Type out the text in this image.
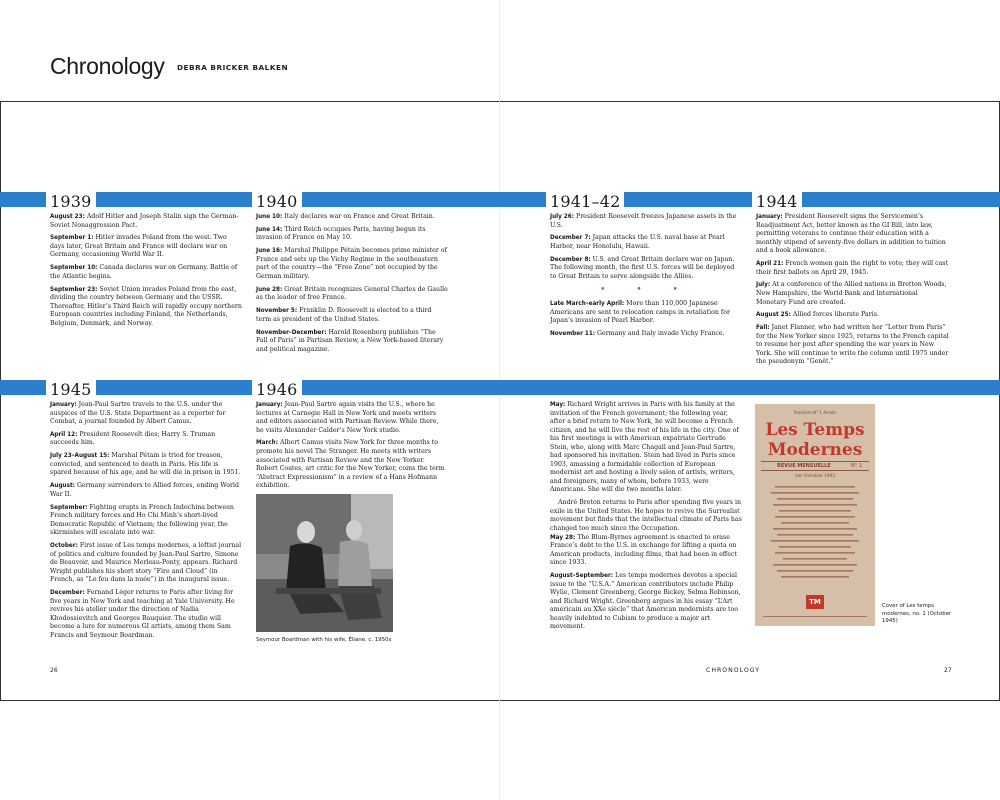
Chronology DEBRA BRICKER BALKEN
1939	1940	1941–42	1944

August 23: Adolf Hitler and Joseph Stalin sign the German-Soviet Nonaggression Pact.

September 1: Hitler invades Poland from the west. Two days later, Great Britain and France will declare war on Germany, occasioning World War II.

September 10: Canada declares war on Germany. Battle of the Atlantic begins.

September 23: Soviet Union invades Poland from the east, dividing the country between Germany and the USSR. Thereafter, Hitler’s Third Reich will rapidly occupy northern European countries including Finland, the Netherlands, Belgium, Denmark, and Norway.

June 10: Italy declares war on France and Great Britain.

June 14: Third Reich occupies Paris, having begun its invasion of France on May 10.

June 16: Marshal Philippe Pétain becomes prime minister of France and sets up the Vichy Regime in the southeastern part of the country—the “Free Zone” not occupied by the German military.

June 28: Great Britain recognizes General Charles de Gaulle as the leader of free France.

November 5: Franklin D. Roosevelt is elected to a third term as president of the United States.

November–December: Harold Rosenberg publishes “The Fall of Paris” in Partisan Review, a New York-based literary and political magazine.

July 26: President Roosevelt freezes Japanese assets in the U.S.

December 7: Japan attacks the U.S. naval base at Pearl Harbor, near Honolulu, Hawaii.

December 8: U.S. and Great Britain declare war on Japan. The following month, the first U.S. forces will be deployed to Great Britain to serve alongside the Allies.

• • •

Late March–early April: More than 110,000 Japanese Americans are sent to relocation camps in retaliation for Japan’s invasion of Pearl Harbor.

November 11: Germany and Italy invade Vichy France.

January: President Roosevelt signs the Servicemen’s Readjustment Act, better known as the GI Bill, into law, permitting veterans to continue their education with a monthly stipend of seventy-five dollars in addition to tuition and a book allowance.

April 21: French women gain the right to vote; they will cast their first ballots on April 29, 1945.

July: At a conference of the Allied nations in Bretton Woods, New Hampshire, the World Bank and International Monetary Fund are created.

August 25: Allied forces liberate Paris.

Fall: Janet Flanner, who had written her “Letter from Paris” for the New Yorker since 1925, returns to the French capital to resume her post after spending the war years in New York. She will continue to write the column until 1975 under the pseudonym “Genêt.”

1945	1946

January: Jean-Paul Sartre travels to the U.S. under the auspices of the U.S. State Department as a reporter for Combat, a journal founded by Albert Camus.

April 12: President Roosevelt dies; Harry S. Truman succeeds him.

July 23–August 15: Marshal Pétain is tried for treason, convicted, and sentenced to death in Paris. His life is spared because of his age, and he will die in prison in 1951.

August: Germany surrenders to Allied forces, ending World War II.

September: Fighting erupts in French Indochina between French military forces and Ho Chi Minh’s short-lived Democratic Republic of Vietnam; the following year, the skirmishes will escalate into war.

October: First issue of Les temps modernes, a leftist journal of politics and culture founded by Jean-Paul Sartre, Simone de Beauvoir, and Maurice Merleau-Ponty, appears. Richard Wright publishes his short story “Fire and Cloud” (in French, as “Le feu dans la nuée”) in the inaugural issue.

December: Fernand Léger returns to Paris after living for five years in New York and teaching at Yale University. He revives his atelier under the direction of Nadia Khodossievitch and Georges Bauquier. The studio will become a lure for numerous GI artists, among them Sam Francis and Seymour Boardman.

January: Jean-Paul Sartre again visits the U.S., where he lectures at Carnegie Hall in New York and meets writers and editors associated with Partisan Review. While there, he visits Alexander Calder’s New York studio.

March: Albert Camus visits New York for three months to promote his novel The Stranger. He meets with writers associated with Partisan Review and the New Yorker. Robert Coates, art critic for the New Yorker, coins the term “Abstract Expressionism” in a review of a Hans Hofmann exhibition.

Seymour Boardman with his wife, Éliane, c. 1950s

May: Richard Wright arrives in Paris with his family at the invitation of the French government; the following year, after a brief return to New York, he will become a French citizen, and he will live the rest of his life in the city. One of his first meetings is with American expatriate Gertrude Stein, who, along with Marc Chagall and Jean-Paul Sartre, had sponsored his invitation. Stein had lived in Paris since 1903, amassing a formidable collection of European modernist art and hosting a lively salon of artists, writers, and foreigners, many of whom, before 1933, were Americans. She will die two months later.

André Breton returns to Paris after spending five years in exile in the United States. He hopes to revive the Surrealist movement but finds that the intellectual climate of Paris has changed too much since the Occupation.

May 28: The Blum-Byrnes agreement is enacted to erase France’s debt to the U.S. in exchange for lifting a quota on American products, including films, that had been in effect since 1933.

August–September: Les temps modernes devotes a special issue to the “U.S.A.” American contributors include Philip Wylie, Clement Greenberg, George Bickey, Selma Robinson, and Richard Wright. Greenberg argues in his essay “L’Art américain au XXe siècle” that American modernists are too heavily indebted to Cubism to produce a major art movement.

Première N° 1 Année
Les Temps Modernes
REVUE MENSUELLE	N° 1
1er Octobre 1945
TM	Cover of Les temps modernes, no. 1 (October 1945)
26	CHRONOLOGY	27
